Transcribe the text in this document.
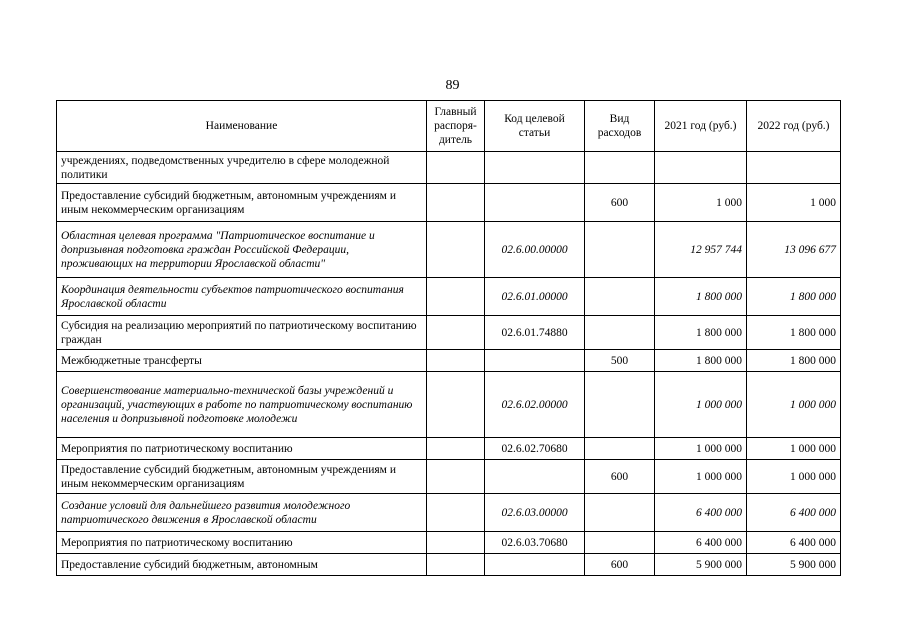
89
Наименование	Главный распоря-дитель	Код целевой статьи	Вид расходов	2021 год (руб.)	2022 год (руб.)
учреждениях, подведомственных учредителю в сфере молодежной политики					
Предоставление субсидий бюджетным, автономным учреждениям и иным некоммерческим организациям			600	1 000	1 000
Областная целевая программа "Патриотическое воспитание и допризывная подготовка граждан Российской Федерации, проживающих на территории Ярославской области"		02.6.00.00000		12 957 744	13 096 677
Координация деятельности субъектов патриотического воспитания Ярославской области		02.6.01.00000		1 800 000	1 800 000
Субсидия на реализацию мероприятий по патриотическому воспитанию граждан		02.6.01.74880		1 800 000	1 800 000
Межбюджетные трансферты			500	1 800 000	1 800 000
Совершенствование материально-технической базы учреждений и организаций, участвующих в работе по патриотическому воспитанию населения и допризывной подготовке молодежи		02.6.02.00000		1 000 000	1 000 000
Мероприятия по патриотическому воспитанию		02.6.02.70680		1 000 000	1 000 000
Предоставление субсидий бюджетным, автономным учреждениям и иным некоммерческим организациям			600	1 000 000	1 000 000
Создание условий для дальнейшего развития молодежного патриотического движения в Ярославской области		02.6.03.00000		6 400 000	6 400 000
Мероприятия по патриотическому воспитанию		02.6.03.70680		6 400 000	6 400 000
Предоставление субсидий бюджетным, автономным			600	5 900 000	5 900 000
